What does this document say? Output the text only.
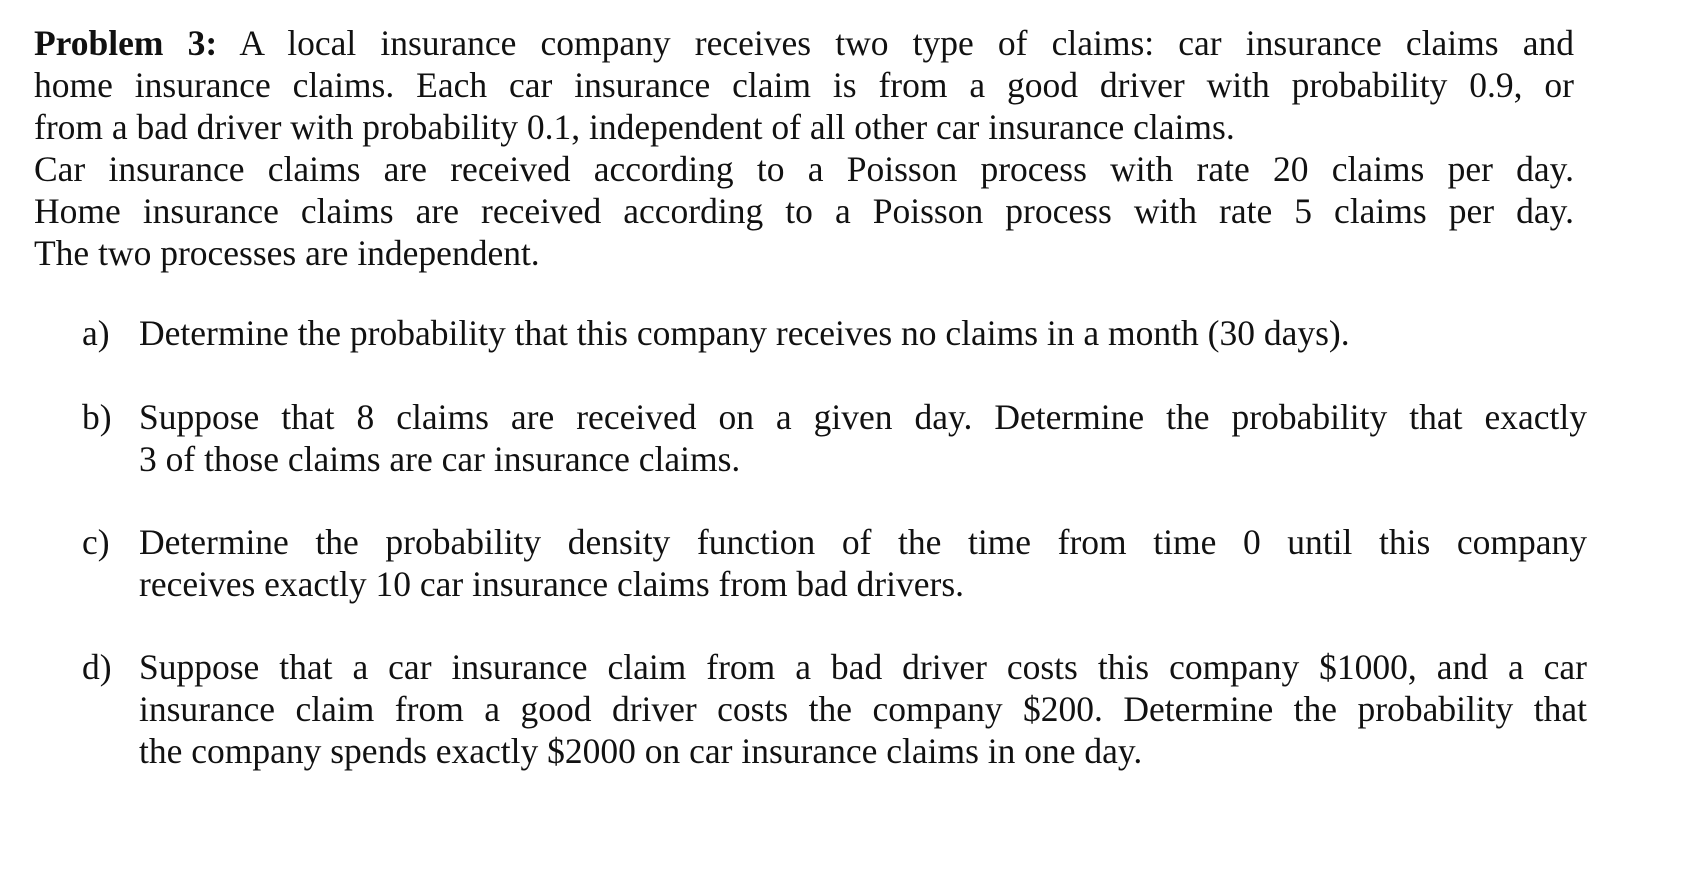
Problem 3: A local insurance company receives two type of claims: car insurance claims and
home insurance claims. Each car insurance claim is from a good driver with probability 0.9, or
from a bad driver with probability 0.1, independent of all other car insurance claims.
Car insurance claims are received according to a Poisson process with rate 20 claims per day.
Home insurance claims are received according to a Poisson process with rate 5 claims per day.
The two processes are independent.
a) Determine the probability that this company receives no claims in a month (30 days).
b) Suppose that 8 claims are received on a given day. Determine the probability that exactly
3 of those claims are car insurance claims.
c) Determine the probability density function of the time from time 0 until this company
receives exactly 10 car insurance claims from bad drivers.
d) Suppose that a car insurance claim from a bad driver costs this company $1000, and a car
insurance claim from a good driver costs the company $200. Determine the probability that
the company spends exactly $2000 on car insurance claims in one day.
